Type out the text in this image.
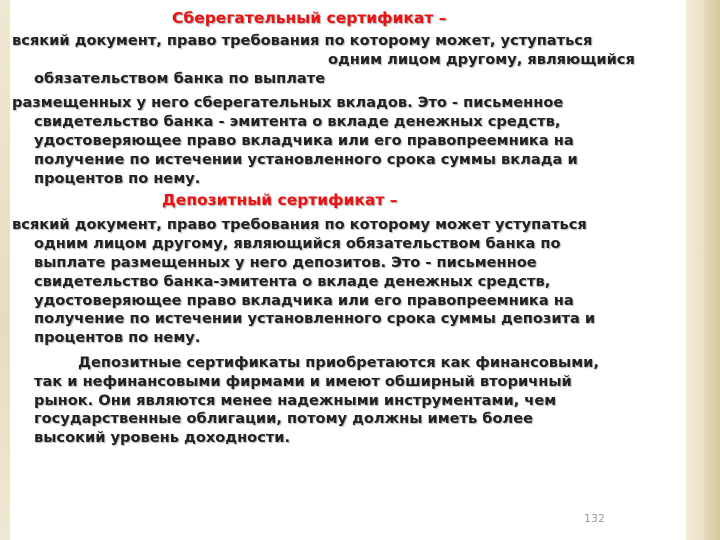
Сберегательный сертификат –

всякий документ, право требования по которому может, уступаться
одним лицом другому, являющийся
обязательством банка по выплате

размещенных у него сберегательных вкладов. Это - письменное
свидетельство банка - эмитента о вкладе денежных средств,
удостоверяющее право вкладчика или его правопреемника на
получение по истечении установленного срока суммы вклада и
процентов по нему.

Депозитный сертификат –

всякий документ, право требования по которому может уступаться
одним лицом другому, являющийся обязательством банка по
выплате размещенных у него депозитов. Это - письменное
свидетельство банка-эмитента о вкладе денежных средств,
удостоверяющее право вкладчика или его правопреемника на
получение по истечении установленного срока суммы депозита и
процентов по нему.

Депозитные сертификаты приобретаются как финансовыми,
так и нефинансовыми фирмами и имеют обширный вторичный
рынок. Они являются менее надежными инструментами, чем
государственные облигации, потому должны иметь более
высокий уровень доходности.

132
